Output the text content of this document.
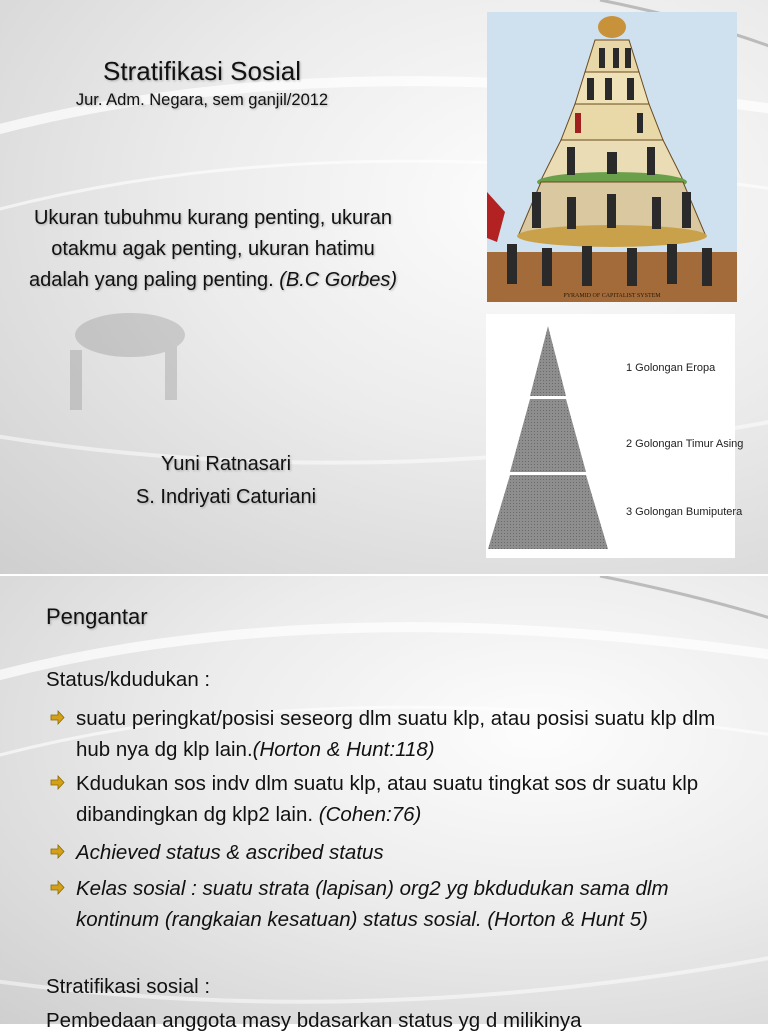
Stratifikasi Sosial
Jur. Adm. Negara, sem ganjil/2012
Ukuran tubuhmu kurang penting, ukuran otakmu agak penting, ukuran hatimu adalah yang paling penting. (B.C Gorbes)
Yuni Ratnasari
S. Indriyati Caturiani
PYRAMID OF CAPITALIST SYSTEM
1 Golongan Eropa
2 Golongan Timur Asing
3 Golongan Bumiputera
Pengantar
Status/kdudukan :
suatu peringkat/posisi seseorg dlm suatu klp, atau posisi suatu klp dlm hub nya dg klp lain.(Horton & Hunt:118)
Kdudukan sos indv dlm suatu klp, atau suatu tingkat sos dr suatu klp dibandingkan dg klp2 lain. (Cohen:76)
Achieved status & ascribed status
Kelas sosial : suatu strata (lapisan) org2 yg bkdudukan sama dlm kontinum (rangkaian kesatuan) status sosial. (Horton & Hunt 5)
Stratifikasi sosial :
Pembedaan anggota masy bdasarkan status yg d milikinya
